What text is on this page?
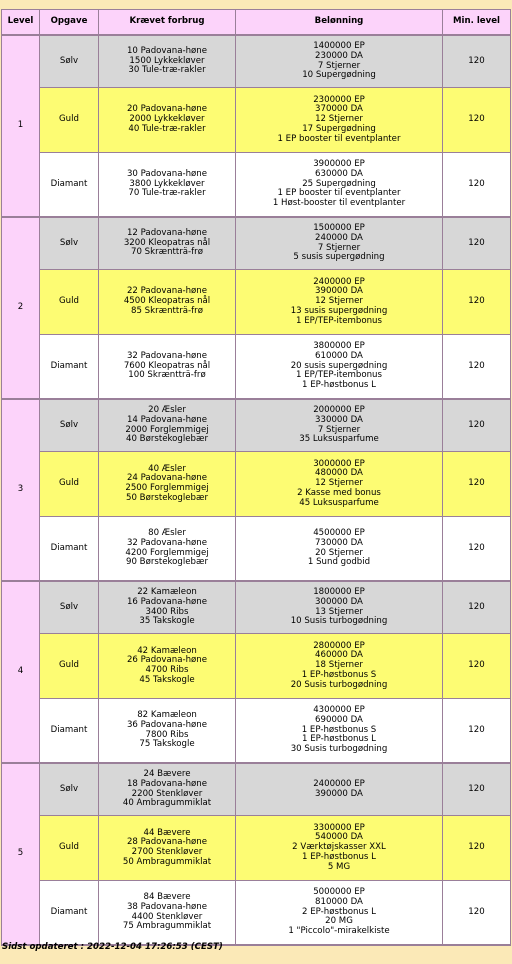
Level	Opgave	Krævet forbrug	Belønning	Min. level
1	Sølv	10 Padovana-høne
1500 Lykkekløver
30 Tule-træ-rakler	1400000 EP
230000 DA
7 Stjerner
10 Supergødning	120
	Guld	20 Padovana-høne
2000 Lykkekløver
40 Tule-træ-rakler	2300000 EP
370000 DA
12 Stjerner
17 Supergødning
1 EP booster til eventplanter	120
	Diamant	30 Padovana-høne
3800 Lykkekløver
70 Tule-træ-rakler	3900000 EP
630000 DA
25 Supergødning
1 EP booster til eventplanter
1 Høst-booster til eventplanter	120
2	Sølv	12 Padovana-høne
3200 Kleopatras nål
70 Skræntträ-frø	1500000 EP
240000 DA
7 Stjerner
5 susis supergødning	120
	Guld	22 Padovana-høne
4500 Kleopatras nål
85 Skræntträ-frø	2400000 EP
390000 DA
12 Stjerner
13 susis supergødning
1 EP/TEP-itembonus	120
	Diamant	32 Padovana-høne
7600 Kleopatras nål
100 Skræntträ-frø	3800000 EP
610000 DA
20 susis supergødning
1 EP/TEP-itembonus
1 EP-høstbonus L	120
3	Sølv	20 Æsler
14 Padovana-høne
2000 Forglemmigej
40 Børstekoglebær	2000000 EP
330000 DA
7 Stjerner
35 Luksusparfume	120
	Guld	40 Æsler
24 Padovana-høne
2500 Forglemmigej
50 Børstekoglebær	3000000 EP
480000 DA
12 Stjerner
2 Kasse med bonus
45 Luksusparfume	120
	Diamant	80 Æsler
32 Padovana-høne
4200 Forglemmigej
90 Børstekoglebær	4500000 EP
730000 DA
20 Stjerner
1 Sund godbid	120
4	Sølv	22 Kamæleon
16 Padovana-høne
3400 Ribs
35 Takskogle	1800000 EP
300000 DA
13 Stjerner
10 Susis turbogødning	120
	Guld	42 Kamæleon
26 Padovana-høne
4700 Ribs
45 Takskogle	2800000 EP
460000 DA
18 Stjerner
1 EP-høstbonus S
20 Susis turbogødning	120
	Diamant	82 Kamæleon
36 Padovana-høne
7800 Ribs
75 Takskogle	4300000 EP
690000 DA
1 EP-høstbonus S
1 EP-høstbonus L
30 Susis turbogødning	120
5	Sølv	24 Bævere
18 Padovana-høne
2200 Stenkløver
40 Ambragummiklat	2400000 EP
390000 DA	120
	Guld	44 Bævere
28 Padovana-høne
2700 Stenkløver
50 Ambragummiklat	3300000 EP
540000 DA
2 Værktøjskasser XXL
1 EP-høstbonus L
5 MG	120
	Diamant	84 Bævere
38 Padovana-høne
4400 Stenkløver
75 Ambragummiklat	5000000 EP
810000 DA
2 EP-høstbonus L
20 MG
1 "Piccolo"-mirakelkiste	120
Sidst opdateret : 2022-12-04 17:26:53 (CEST)
